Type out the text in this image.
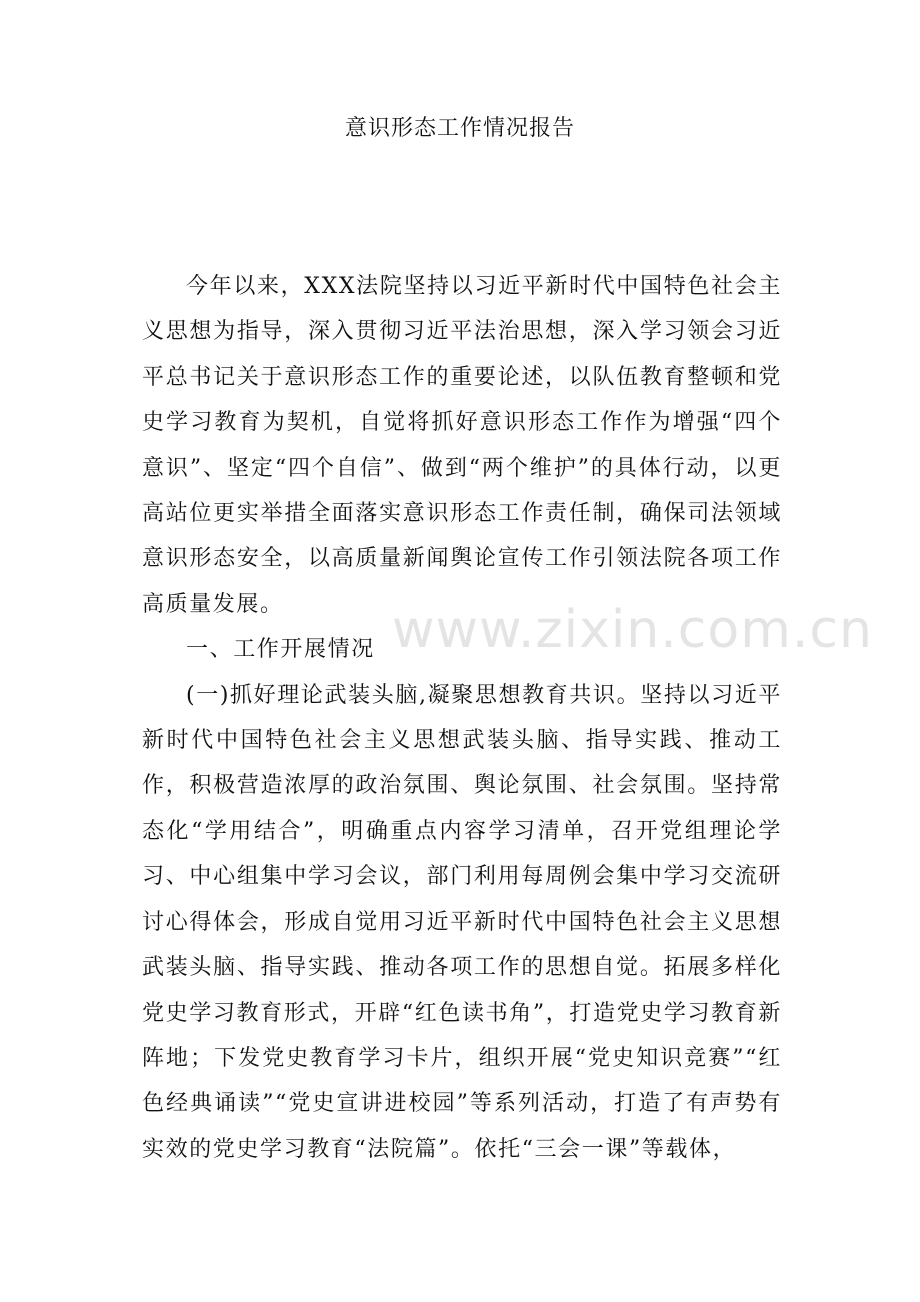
意识形态工作情况报告

今年以来，XXX法院坚持以习近平新时代中国特色社会主义思想为指导，深入贯彻习近平法治思想，深入学习领会习近平总书记关于意识形态工作的重要论述，以队伍教育整顿和党史学习教育为契机，自觉将抓好意识形态工作作为增强“四个意识”、坚定“四个自信”、做到“两个维护”的具体行动，以更高站位更实举措全面落实意识形态工作责任制，确保司法领域意识形态安全，以高质量新闻舆论宣传工作引领法院各项工作高质量发展。

一、工作开展情况

(一)抓好理论武装头脑,凝聚思想教育共识。坚持以习近平新时代中国特色社会主义思想武装头脑、指导实践、推动工作，积极营造浓厚的政治氛围、舆论氛围、社会氛围。坚持常态化“学用结合”，明确重点内容学习清单，召开党组理论学习、中心组集中学习会议，部门利用每周例会集中学习交流研讨心得体会，形成自觉用习近平新时代中国特色社会主义思想武装头脑、指导实践、推动各项工作的思想自觉。拓展多样化党史学习教育形式，开辟“红色读书角”，打造党史学习教育新阵地；下发党史教育学习卡片，组织开展“党史知识竞赛”“红色经典诵读”“党史宣讲进校园”等系列活动，打造了有声势有实效的党史学习教育“法院篇”。依托“三会一课”等载体，

www.zixin.com.cn
